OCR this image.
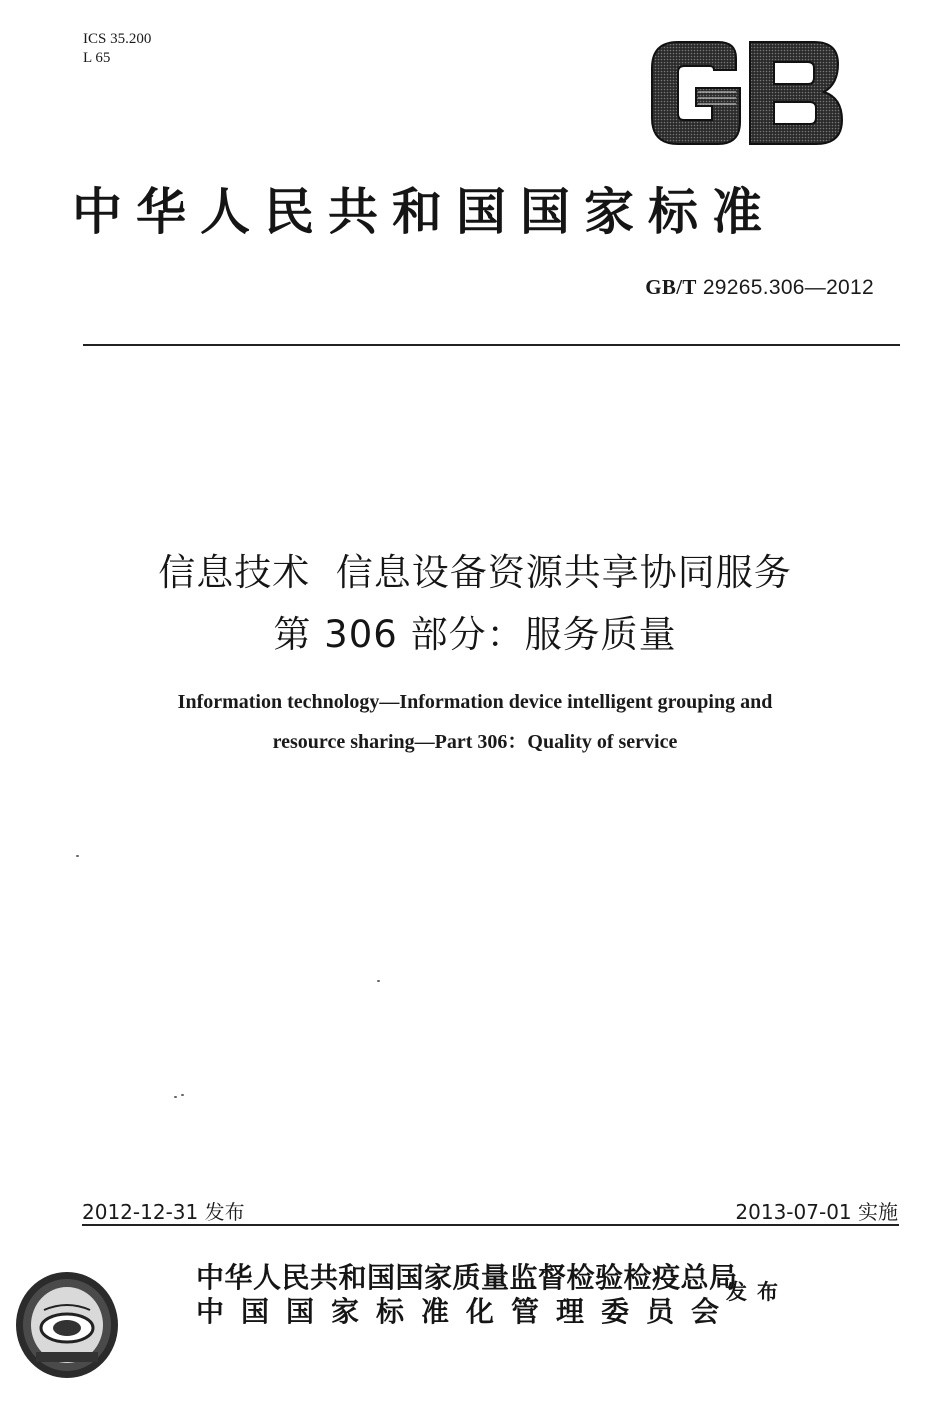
ICS 35.200
L 65
中华人民共和国国家标准
GB/T 29265.306—2012
信息技术  信息设备资源共享协同服务
第 306 部分：服务质量
Information technology—Information device intelligent grouping and
resource sharing—Part 306：Quality of service
2012-12-31 发布	2013-07-01 实施
中华人民共和国国家质量监督检验检疫总局
中国国家标准化管理委员会
发布
